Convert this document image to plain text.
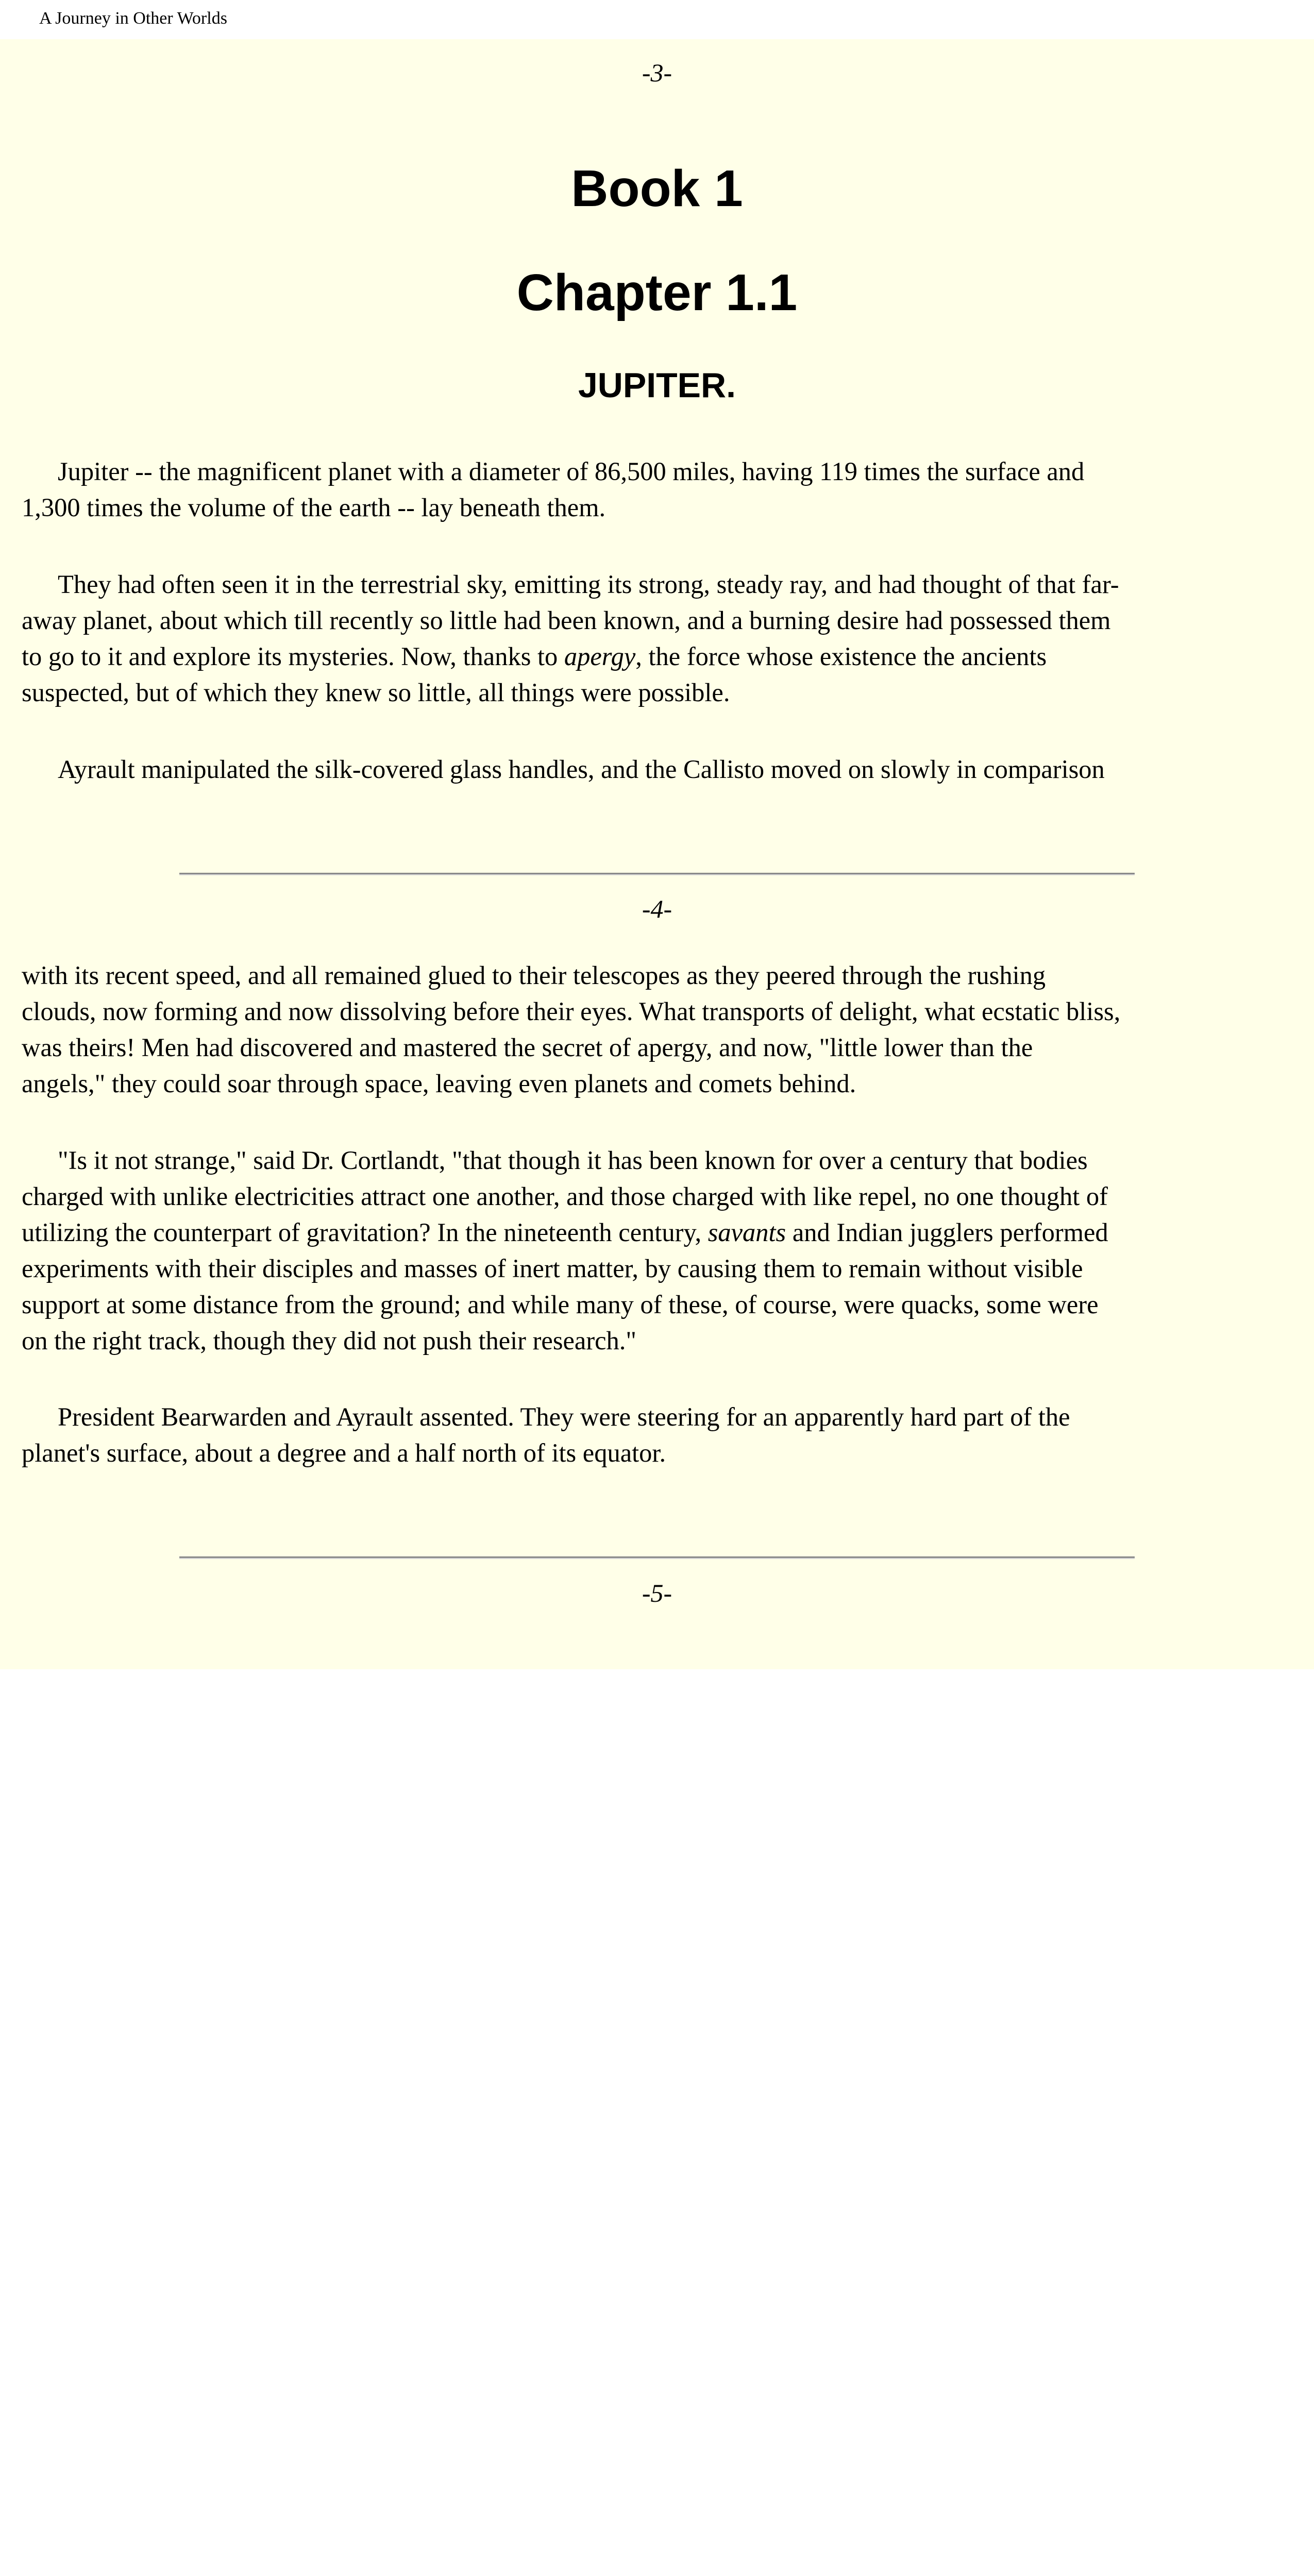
A Journey in Other Worlds
-3-
Book 1
Chapter 1.1
JUPITER.

Jupiter -- the magnificent planet with a diameter of 86,500 miles, having 119 times the surface and
1,300 times the volume of the earth -- lay beneath them.

They had often seen it in the terrestrial sky, emitting its strong, steady ray, and had thought of that far-
away planet, about which till recently so little had been known, and a burning desire had possessed them
to go to it and explore its mysteries. Now, thanks to apergy, the force whose existence the ancients
suspected, but of which they knew so little, all things were possible.

Ayrault manipulated the silk-covered glass handles, and the Callisto moved on slowly in comparison

-4-

with its recent speed, and all remained glued to their telescopes as they peered through the rushing
clouds, now forming and now dissolving before their eyes. What transports of delight, what ecstatic bliss,
was theirs! Men had discovered and mastered the secret of apergy, and now, "little lower than the
angels," they could soar through space, leaving even planets and comets behind.

"Is it not strange," said Dr. Cortlandt, "that though it has been known for over a century that bodies
charged with unlike electricities attract one another, and those charged with like repel, no one thought of
utilizing the counterpart of gravitation? In the nineteenth century, savants and Indian jugglers performed
experiments with their disciples and masses of inert matter, by causing them to remain without visible
support at some distance from the ground; and while many of these, of course, were quacks, some were
on the right track, though they did not push their research."

President Bearwarden and Ayrault assented. They were steering for an apparently hard part of the
planet's surface, about a degree and a half north of its equator.

-5-
